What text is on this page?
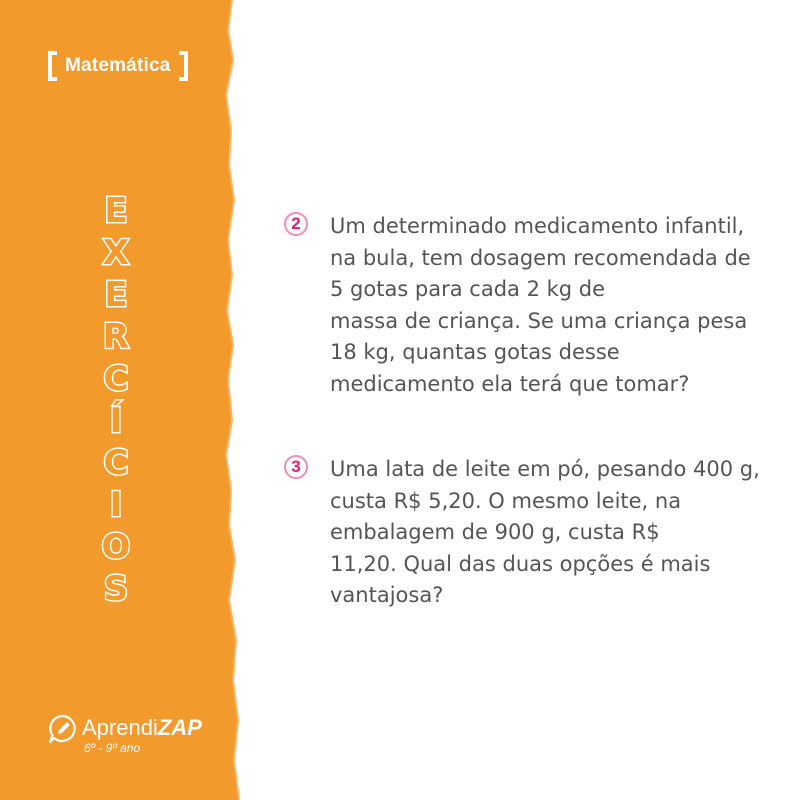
Matemática
E
X
E
R
C
Í
C
I
O
S
AprendiZAP
6º - 9º ano
2	Um determinado medicamento infantil,
na bula, tem dosagem recomendada de
5 gotas para cada 2 kg de
massa de criança. Se uma criança pesa
18 kg, quantas gotas desse
medicamento ela terá que tomar?
3	Uma lata de leite em pó, pesando 400 g,
custa R$ 5,20. O mesmo leite, na
embalagem de 900 g, custa R$
11,20. Qual das duas opções é mais
vantajosa?
